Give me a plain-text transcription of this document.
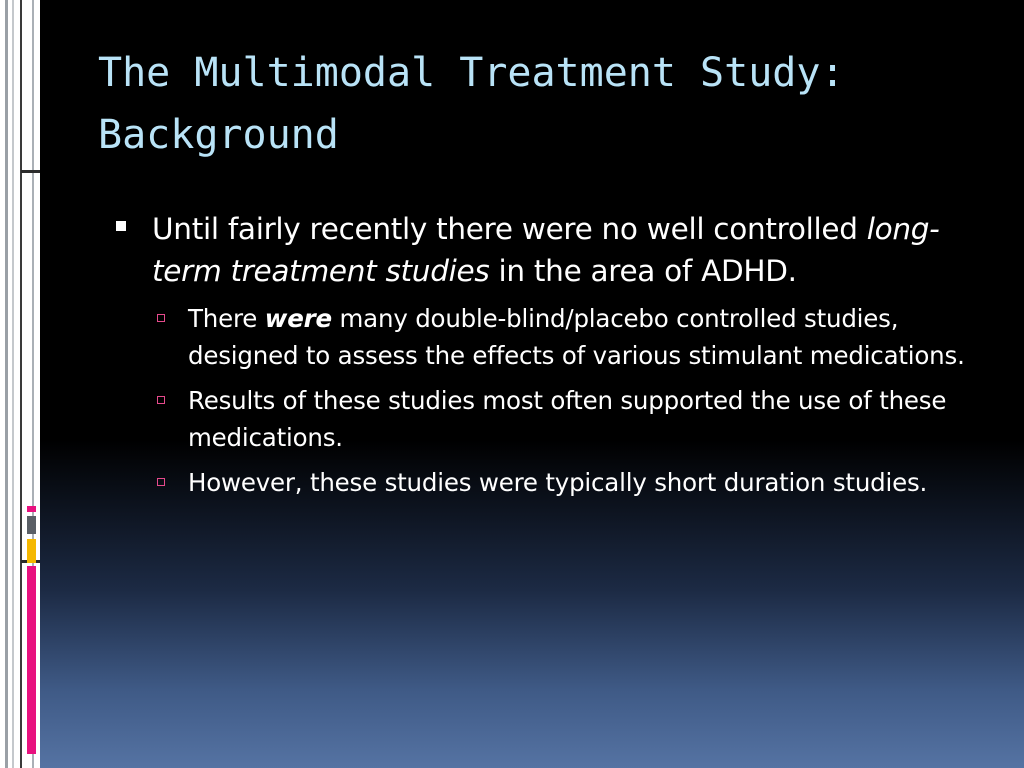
The Multimodal Treatment Study:
Background
Until fairly recently there were no well controlled long-term treatment studies in the area of ADHD.
There were many double-blind/placebo controlled studies, designed to assess the effects of various stimulant medications.
Results of these studies most often supported the use of these medications.
However, these studies were typically short duration studies.
